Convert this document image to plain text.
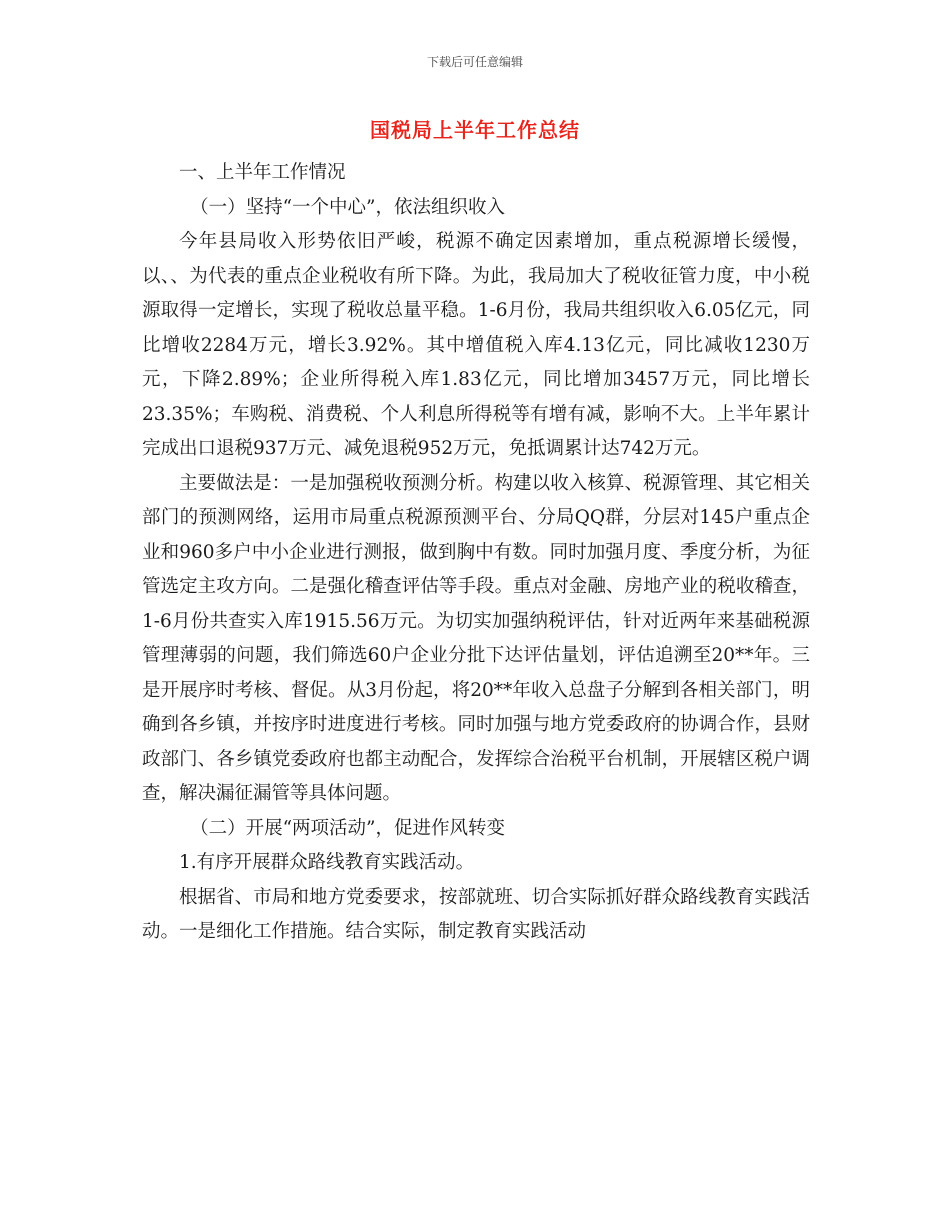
下载后可任意编辑
国税局上半年工作总结

一、上半年工作情况

（一）坚持“一个中心”，依法组织收入

今年县局收入形势依旧严峻，税源不确定因素增加，重点税源增长缓慢，以、、为代表的重点企业税收有所下降。为此，我局加大了税收征管力度，中小税源取得一定增长，实现了税收总量平稳。1-6月份，我局共组织收入6.05亿元，同比增收2284万元，增长3.92%。其中增值税入库4.13亿元，同比减收1230万元，下降2.89%；企业所得税入库1.83亿元，同比增加3457万元，同比增长23.35%；车购税、消费税、个人利息所得税等有增有减，影响不大。上半年累计完成出口退税937万元、减免退税952万元，免抵调累计达742万元。

主要做法是：一是加强税收预测分析。构建以收入核算、税源管理、其它相关部门的预测网络，运用市局重点税源预测平台、分局QQ群，分层对145户重点企业和960多户中小企业进行测报，做到胸中有数。同时加强月度、季度分析，为征管选定主攻方向。二是强化稽查评估等手段。重点对金融、房地产业的税收稽查，1-6月份共查实入库1915.56万元。为切实加强纳税评估，针对近两年来基础税源管理薄弱的问题，我们筛选60户企业分批下达评估量划，评估追溯至20**年。三是开展序时考核、督促。从3月份起，将20**年收入总盘子分解到各相关部门，明确到各乡镇，并按序时进度进行考核。同时加强与地方党委政府的协调合作，县财政部门、各乡镇党委政府也都主动配合，发挥综合治税平台机制，开展辖区税户调查，解决漏征漏管等具体问题。

（二）开展“两项活动”，促进作风转变

1.有序开展群众路线教育实践活动。

根据省、市局和地方党委要求，按部就班、切合实际抓好群众路线教育实践活动。一是细化工作措施。结合实际，制定教育实践活动
